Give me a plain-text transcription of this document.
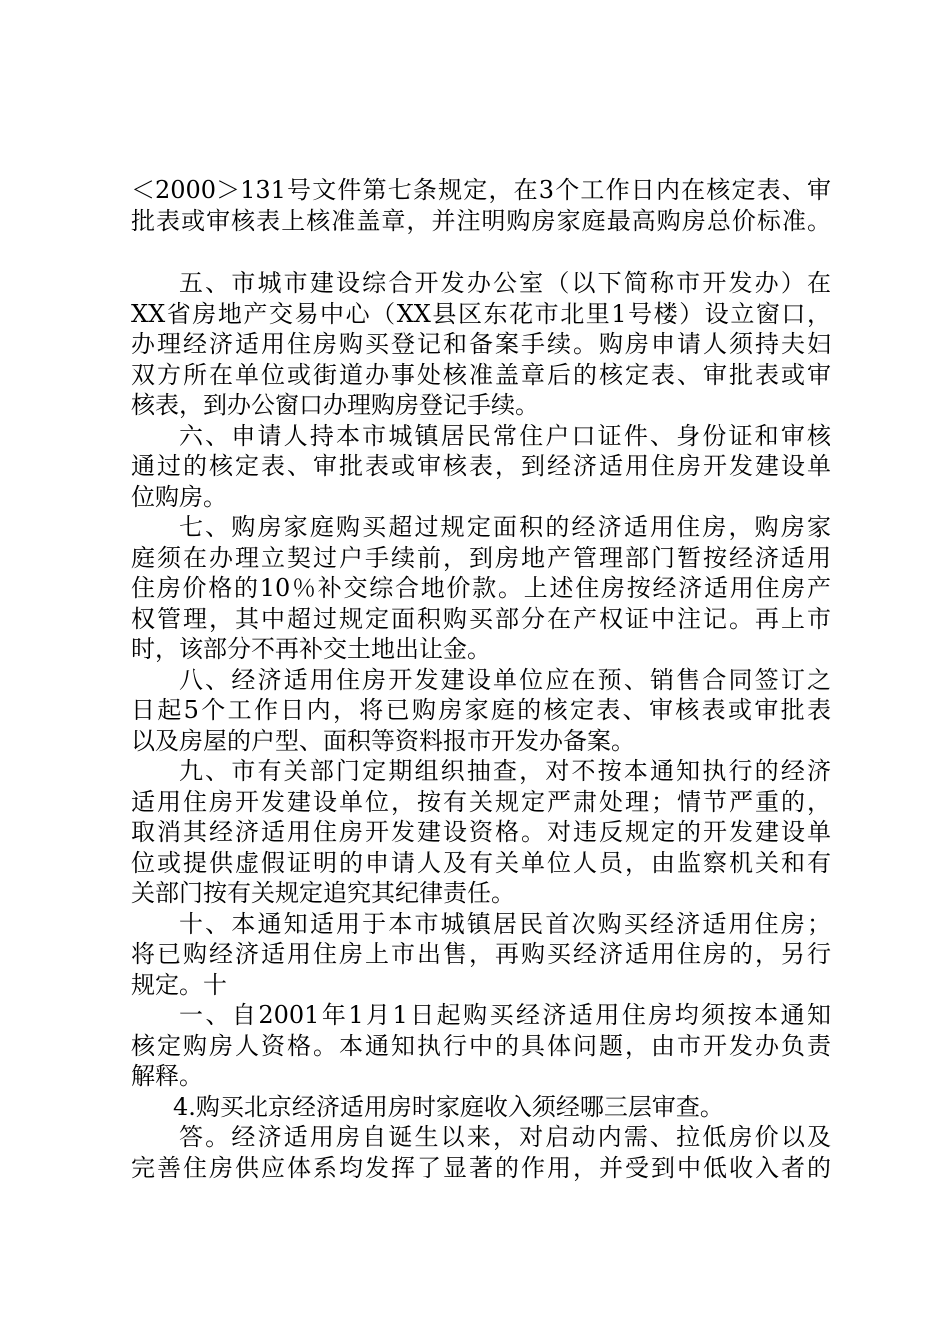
＜2000＞131号文件第七条规定，在3个工作日内在核定表、审
批表或审核表上核准盖章，并注明购房家庭最高购房总价标准。
五、市城市建设综合开发办公室（以下简称市开发办）在
XX省房地产交易中心（XX县区东花市北里1号楼）设立窗口，
办理经济适用住房购买登记和备案手续。购房申请人须持夫妇
双方所在单位或街道办事处核准盖章后的核定表、审批表或审
核表，到办公窗口办理购房登记手续。
六、申请人持本市城镇居民常住户口证件、身份证和审核
通过的核定表、审批表或审核表，到经济适用住房开发建设单
位购房。
七、购房家庭购买超过规定面积的经济适用住房，购房家
庭须在办理立契过户手续前，到房地产管理部门暂按经济适用
住房价格的10％补交综合地价款。上述住房按经济适用住房产
权管理，其中超过规定面积购买部分在产权证中注记。再上市
时，该部分不再补交土地出让金。
八、经济适用住房开发建设单位应在预、销售合同签订之
日起5个工作日内，将已购房家庭的核定表、审核表或审批表
以及房屋的户型、面积等资料报市开发办备案。
九、市有关部门定期组织抽查，对不按本通知执行的经济
适用住房开发建设单位，按有关规定严肃处理；情节严重的，
取消其经济适用住房开发建设资格。对违反规定的开发建设单
位或提供虚假证明的申请人及有关单位人员，由监察机关和有
关部门按有关规定追究其纪律责任。
十、本通知适用于本市城镇居民首次购买经济适用住房；
将已购经济适用住房上市出售，再购买经济适用住房的，另行
规定。十
一、自2001年1月1日起购买经济适用住房均须按本通知
核定购房人资格。本通知执行中的具体问题，由市开发办负责
解释。
4.购买北京经济适用房时家庭收入须经哪三层审查。
答。经济适用房自诞生以来，对启动内需、拉低房价以及
完善住房供应体系均发挥了显著的作用，并受到中低收入者的
